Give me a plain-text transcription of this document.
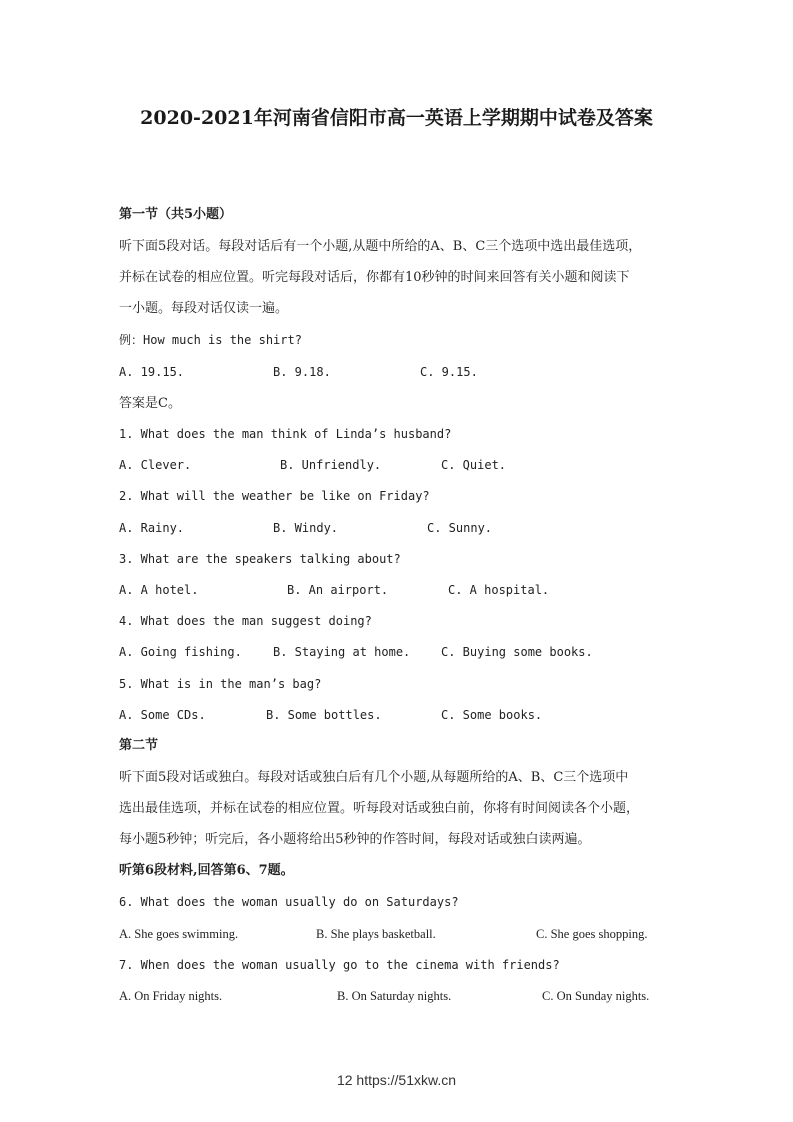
2020-2021年河南省信阳市高一英语上学期期中试卷及答案
第一节（共5小题）
听下面5段对话。每段对话后有一个小题,从题中所给的A、B、C三个选项中选出最佳选项，
并标在试卷的相应位置。听完每段对话后，你都有10秒钟的时间来回答有关小题和阅读下
一小题。每段对话仅读一遍。
例：How much is the shirt?
A. 19.15.	B. 9.18.	C. 9.15.
答案是C。
1. What does the man think of Linda’s husband?
A. Clever.	B. Unfriendly.	C. Quiet.
2. What will the weather be like on Friday?
A. Rainy.	B. Windy.	C. Sunny.
3. What are the speakers talking about?
A. A hotel.	B. An airport.	C. A hospital.
4. What does the man suggest doing?
A. Going fishing.	B. Staying at home.	C. Buying some books.
5. What is in the man’s bag?
A. Some CDs.	B. Some bottles.	C. Some books.
第二节
听下面5段对话或独白。每段对话或独白后有几个小题,从每题所给的A、B、C三个选项中
选出最佳选项，并标在试卷的相应位置。听每段对话或独白前，你将有时间阅读各个小题，
每小题5秒钟；听完后，各小题将给出5秒钟的作答时间，每段对话或独白读两遍。
听第6段材料,回答第6、7题。
6. What does the woman usually do on Saturdays?
A. She goes swimming.	B. She plays basketball.	C. She goes shopping.
7. When does the woman usually go to the cinema with friends?
A. On Friday nights.	B. On Saturday nights.	C. On Sunday nights.
12 https://51xkw.cn
